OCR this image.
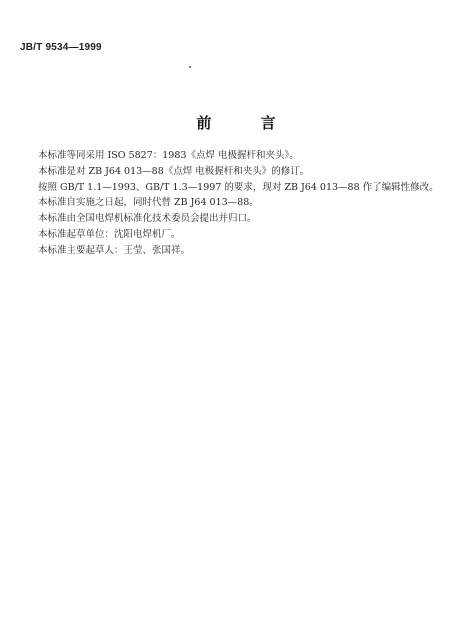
JB/T 9534—1999
前 言
本标准等同采用 ISO 5827：1983《点焊 电极握杆和夹头》。
本标准是对 ZB J64 013—88《点焊 电极握杆和夹头》的修订。
按照 GB/T 1.1—1993、GB/T 1.3—1997 的要求，现对 ZB J64 013—88 作了编辑性修改。
本标准自实施之日起，同时代替 ZB J64 013—88。
本标准由全国电焊机标准化技术委员会提出并归口。
本标准起草单位：沈阳电焊机厂。
本标准主要起草人：王莹、张国祥。
